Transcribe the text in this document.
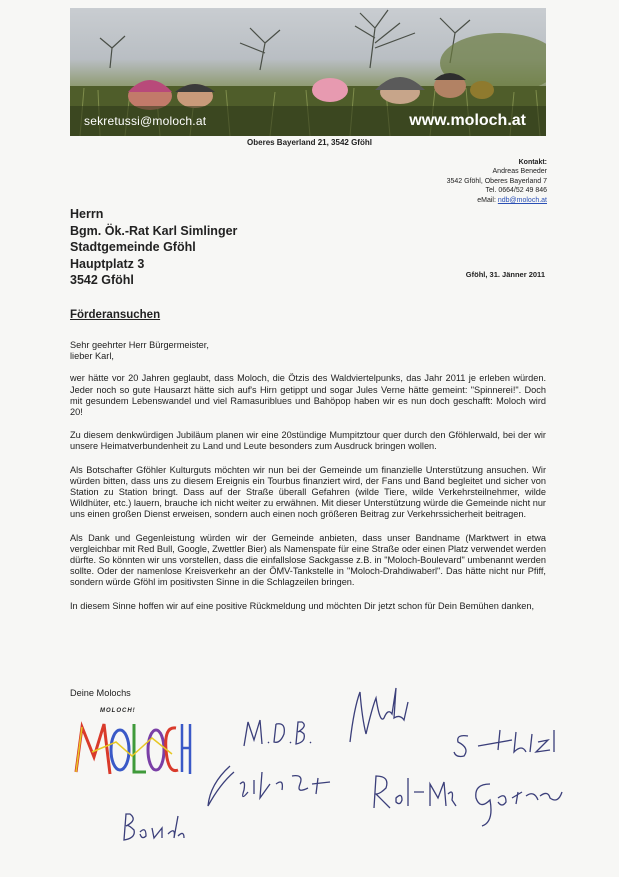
sekretussi@moloch.at	www.moloch.at
Oberes Bayerland 21, 3542 Gföhl
Kontakt:
Andreas Beneder
3542 Gföhl, Oberes Bayerland 7
Tel. 0664/52 49 846
eMail: ndb@moloch.at
Herrn
Bgm. Ök.-Rat Karl Simlinger
Stadtgemeinde Gföhl
Hauptplatz 3
3542 Gföhl	Gföhl, 31. Jänner 2011
Förderansuchen

Sehr geehrter Herr Bürgermeister,
lieber Karl,

wer hätte vor 20 Jahren geglaubt, dass Moloch, die Ötzis des Waldviertelpunks, das Jahr 2011 je erleben würden. Jeder noch so gute Hausarzt hätte sich auf's Hirn getippt und sogar Jules Verne hätte gemeint: "Spinnerei!". Doch mit gesundem Lebenswandel und viel Ramasuriblues und Bahöpop haben wir es nun doch geschafft: Moloch wird 20!

Zu diesem denkwürdigen Jubiläum planen wir eine 20stündige Mumpitztour quer durch den Gföhlerwald, bei der wir unsere Heimatverbundenheit zu Land und Leute besonders zum Ausdruck bringen wollen.

Als Botschafter Gföhler Kulturguts möchten wir nun bei der Gemeinde um finanzielle Unterstützung ansuchen. Wir würden bitten, dass uns zu diesem Ereignis ein Tourbus finanziert wird, der Fans und Band begleitet und sicher von Station zu Station bringt. Dass auf der Straße überall Gefahren (wilde Tiere, wilde Verkehrsteilnehmer, wilde Wildhüter, etc.) lauern, brauche ich nicht weiter zu erwähnen. Mit dieser Unterstützung würde die Gemeinde nicht nur uns einen großen Dienst erweisen, sondern auch einen noch größeren Beitrag zur Verkehrssicherheit beitragen.

Als Dank und Gegenleistung würden wir der Gemeinde anbieten, dass unser Bandname (Marktwert in etwa vergleichbar mit Red Bull, Google, Zwettler Bier) als Namenspate für eine Straße oder einen Platz verwendet werden dürfte. So könnten wir uns vorstellen, dass die einfallslose Sackgasse z.B. in "Moloch-Boulevard" umbenannt werden sollte. Oder der namenlose Kreisverkehr an der ÖMV-Tankstelle in "Moloch-Drahdiwaberl". Das hätte nicht nur Pfiff, sondern würde Gföhl im positivsten Sinne in die Schlagzeilen bringen.

In diesem Sinne hoffen wir auf eine positive Rückmeldung und möchten Dir jetzt schon für Dein Bemühen danken,

Deine Molochs
MOLOCH!
